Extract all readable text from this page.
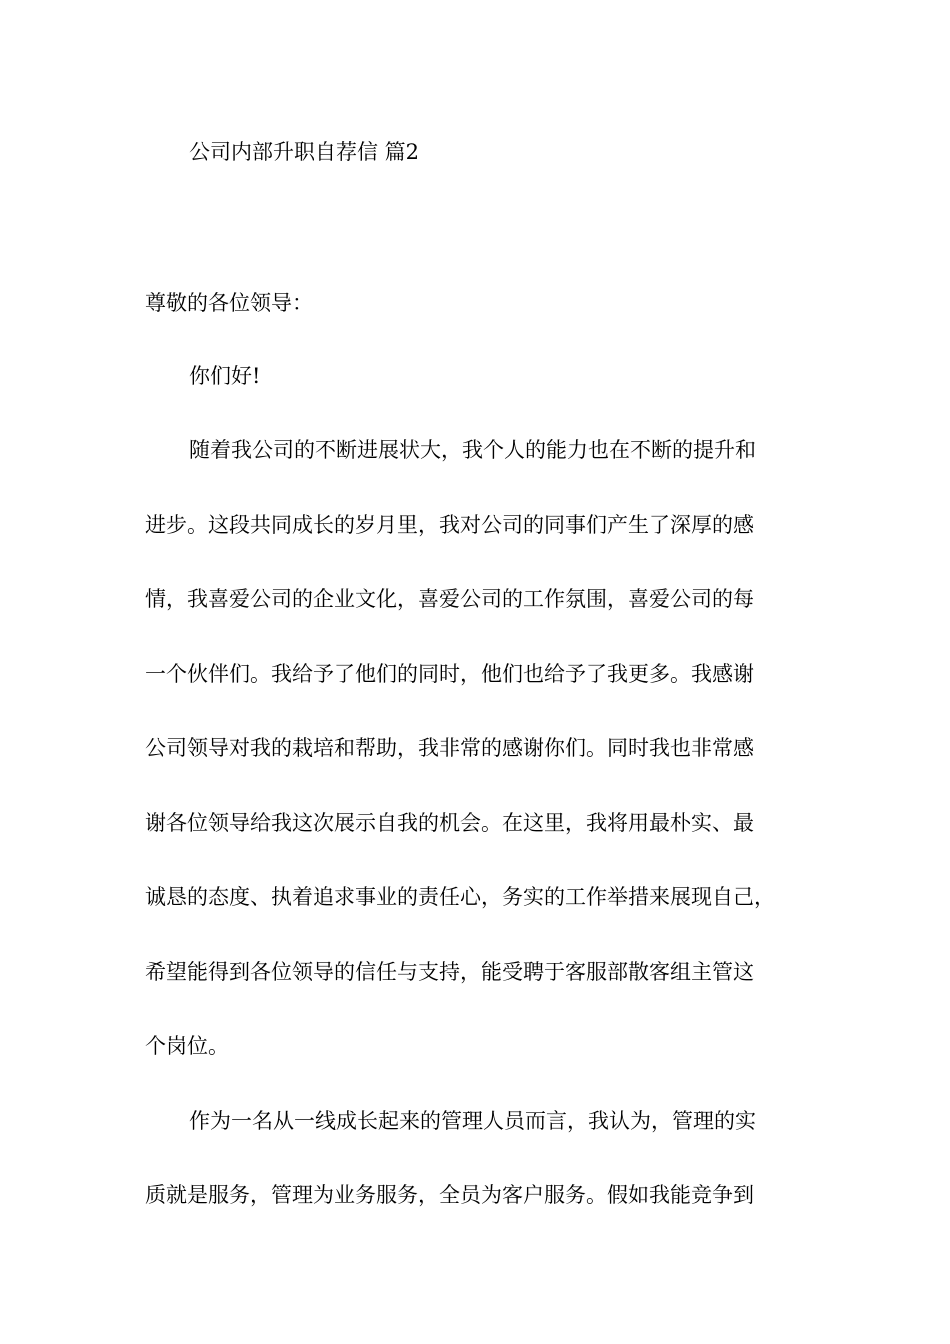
公司内部升职自荐信 篇2

尊敬的各位领导：

你们好!

随着我公司的不断进展状大，我个人的能力也在不断的提升和

进步。这段共同成长的岁月里，我对公司的同事们产生了深厚的感

情，我喜爱公司的企业文化，喜爱公司的工作氛围，喜爱公司的每

一个伙伴们。我给予了他们的同时，他们也给予了我更多。我感谢

公司领导对我的栽培和帮助，我非常的感谢你们。同时我也非常感

谢各位领导给我这次展示自我的机会。在这里，我将用最朴实、最

诚恳的态度、执着追求事业的责任心，务实的工作举措来展现自己，

希望能得到各位领导的信任与支持，能受聘于客服部散客组主管这

个岗位。

作为一名从一线成长起来的管理人员而言，我认为，管理的实

质就是服务，管理为业务服务，全员为客户服务。假如我能竞争到
